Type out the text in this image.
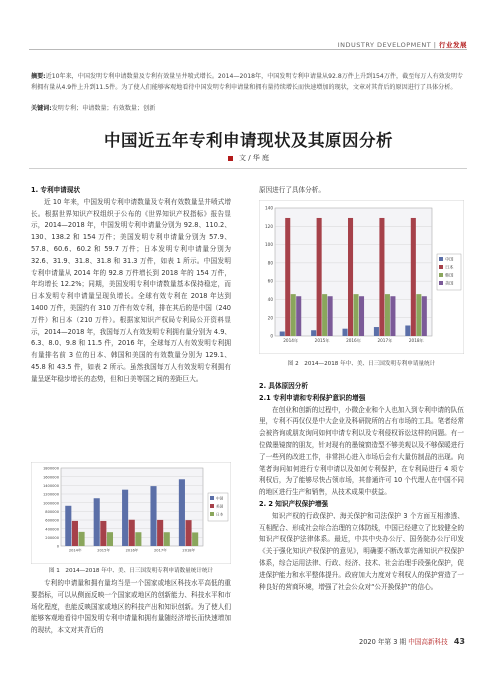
INDUSTRY DEVELOPMENT | 行业发展
摘要:近10年来，中国发明专利申请数量及专利有效量呈井喷式增长。2014—2018年，中国发明专利申请量从92.8万件上升到154万件，截至每万人有效发明专利拥有量从4.9件上升到11.5件。为了使人们能够客观地看待中国发明专利申请量和拥有量持续增长而快速增加的现状，文章对其背后的原因进行了具体分析。
关键词:发明专利；申请数量；有效数量；创新
中国近五年专利申请现状及其原因分析
文 / 华 庭

1. 专利申请现状

近 10 年来，中国发明专利申请数量及专利有效数量呈井喷式增长。根据世界知识产权组织于公布的《世界知识产权指标》报告显示，2014—2018 年，中国发明专利申请量分别为 92.8、110.2、130、138.2 和 154 万件；美国发明专利申请量分别为 57.9、57.8、60.6、60.2 和 59.7 万件；日本发明专利申请量分别为 32.6、31.9、31.8、31.8 和 31.3 万件，如表 1 所示。中国发明专利申请量从 2014 年的 92.8 万件增长到 2018 年的 154 万件，年均增长 12.2%；同期，美国发明专利申请数量基本保持稳定，而日本发明专利申请量呈现负增长。全球有效专利在 2018 年达到 1400 万件，美国约有 310 万件有效专利，排在其后的是中国（240 万件）和日本（210 万件）。根据家知识产权局专利局公开资料显示，2014—2018 年，我国每万人有效发明专利拥有量分别为 4.9、6.3、8.0、9.8 和 11.5 件，2016 年，全球每万人有效发明专利拥有量排名前 3 位的日本、韩国和美国的有效数量分别为 129.1、45.8 和 43.5 件，如表 2 所示。虽然我国每万人有效发明专利拥有量呈逐年稳步增长的态势，但和日美等国之间的差距巨大。

0
200000
400000
600000
800000
1000000
1200000
1400000
1600000
1800000
2014年	2015年	2016年	2017年	2018年
中国
美国
日本
图 1　2014—2018 年中、美、日三国发明专利申请数量统计统计

专利的申请量和拥有量均当是一个国家或地区科技水平高低的重要指标，可以从侧面反映一个国家或地区的创新能力、科技水平和市场化程度，也能反映国家或地区的科技产出和知识创新。为了使人们能够客观地看待中国发明专利申请量和拥有量随经济增长而快速增加的现状，本文对其背后的

原因进行了具体分析。

0
20
40
60
80
100
120
140
2014年	2015年	2016年	2017年	2018年
中国
日本
韩国
美国
图 2　2014—2018 年中、美、日三国发明专利申请量统计

2. 具体原因分析

2.1 专利申请和专利保护意识的增强

在创业和创新的过程中，小微企业和个人也加入到专利申请的队伍里，专利不再仅仅是中大企业及科研院所的占有市场的工具。笔者经常会被咨询或朋友询问如何申请专利以及专利侵权诉讼这样的问题。有一位做墨镜窗的朋友，针对现有的墨镜窗造型不够美观以及不够保暖进行了一些列的改进工作，非常担心进入市场后会有大量仿制品的出现。向笔者询问如何进行专利申请以及如何专利保护，在专利局进行 4 项专利权后，为了能够尽快占领市场，其普通许可 10 个代理人在中国不同的地区进行生产和销售，从技术成果中获益。

2. 2 知识产权保护增强

知识产权的行政保护、海关保护和司法保护 3 个方面互相渗透、互相配合、形成社会综合治理的立体防线，中国已经建立了比较健全的知识产权保护法律体系。最近，中共中央办公厅、国务院办公厅印发《关于强化知识产权保护的意见》，明确要不断改革完善知识产权保护体系，综合运用法律、行政、经济、技术、社会治理手段强化保护，促进保护能力和水平整体提升。政府加大力度对专利权人的保护营造了一种良好的营商环境，增强了社会公众对“公开换保护”的信心。

2020 年第 3 期 中国高新科技 43
